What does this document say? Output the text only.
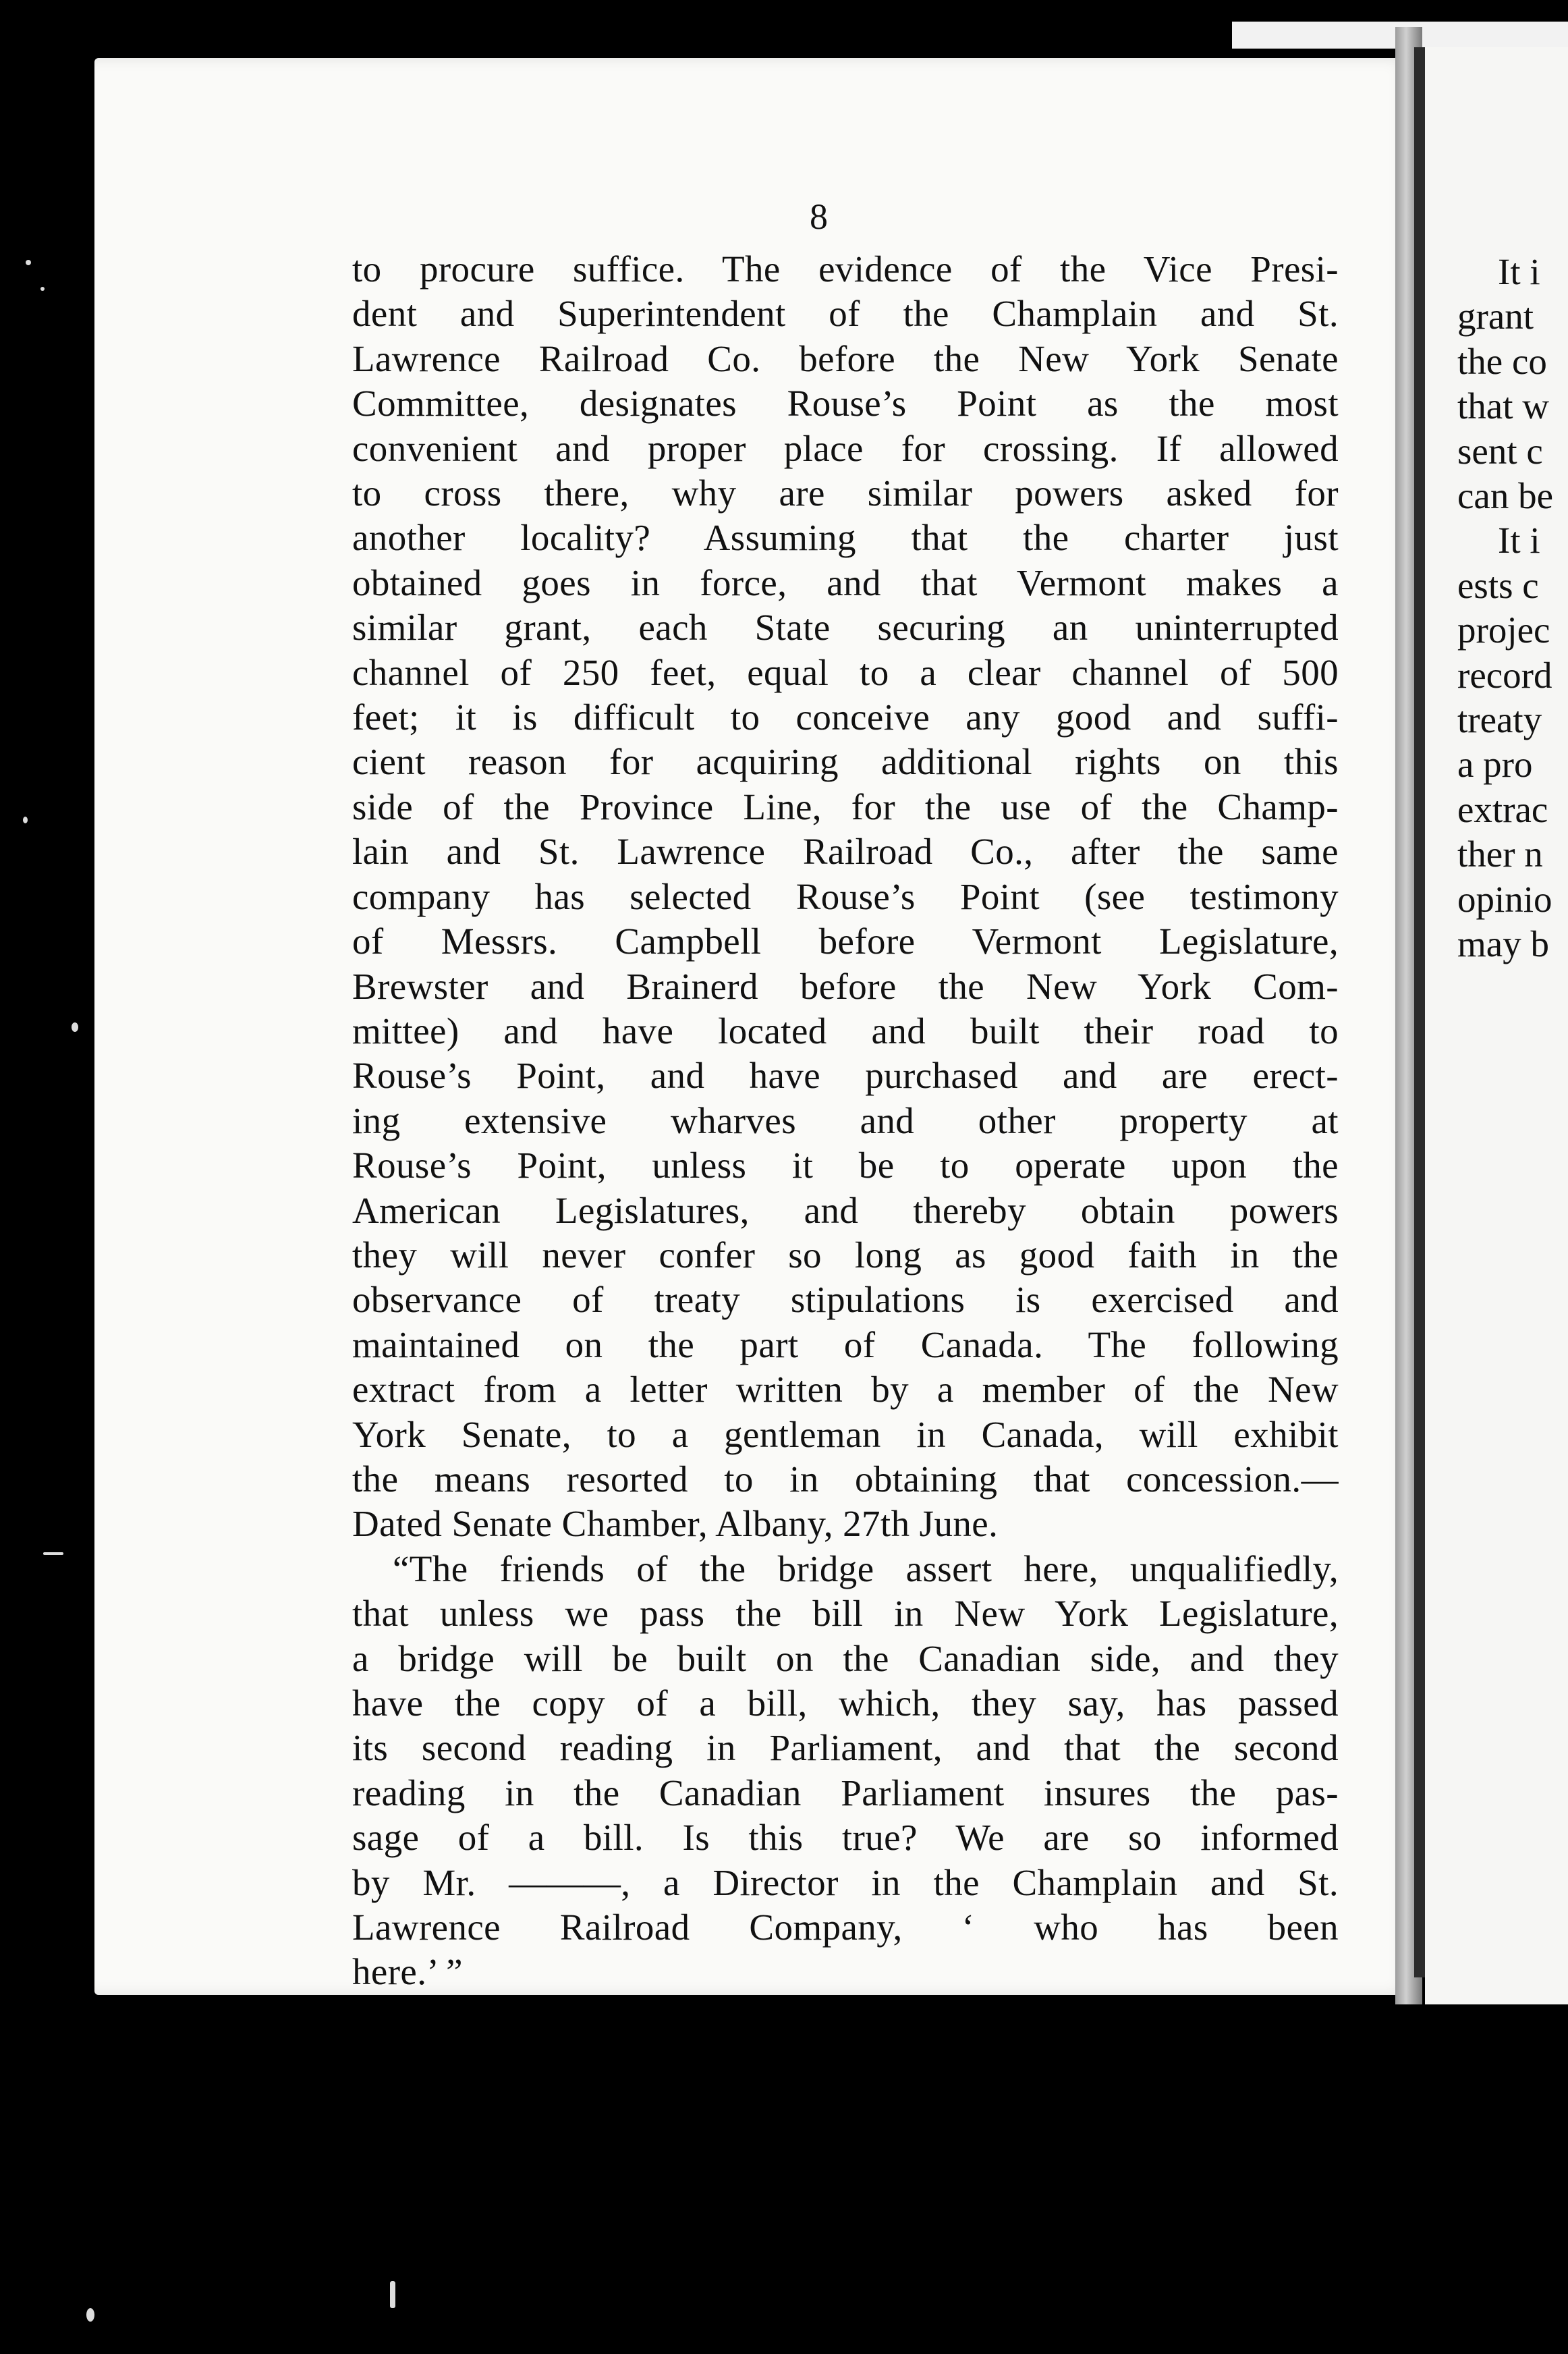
8
to procure suffice. The evidence of the Vice Presi-
dent and Superintendent of the Champlain and St.
Lawrence Railroad Co. before the New York Senate
Committee, designates Rouse’s Point as the most
convenient and proper place for crossing. If allowed
to cross there, why are similar powers asked for
another locality? Assuming that the charter just
obtained goes in force, and that Vermont makes a
similar grant, each State securing an uninterrupted
channel of 250 feet, equal to a clear channel of 500
feet; it is difficult to conceive any good and suffi-
cient reason for acquiring additional rights on this
side of the Province Line, for the use of the Champ-
lain and St. Lawrence Railroad Co., after the same
company has selected Rouse’s Point (see testimony
of Messrs. Campbell before Vermont Legislature,
Brewster and Brainerd before the New York Com-
mittee) and have located and built their road to
Rouse’s Point, and have purchased and are erect-
ing extensive wharves and other property at
Rouse’s Point, unless it be to operate upon the
American Legislatures, and thereby obtain powers
they will never confer so long as good faith in the
observance of treaty stipulations is exercised and
maintained on the part of Canada. The following
extract from a letter written by a member of the New
York Senate, to a gentleman in Canada, will exhibit
the means resorted to in obtaining that concession.—
Dated Senate Chamber, Albany, 27th June.
“The friends of the bridge assert here, unqualifiedly,
that unless we pass the bill in New York Legislature,
a bridge will be built on the Canadian side, and they
have the copy of a bill, which, they say, has passed
its second reading in Parliament, and that the second
reading in the Canadian Parliament insures the pas-
sage of a bill. Is this true? We are so informed
by Mr. ———, a Director in the Champlain and St.
Lawrence Railroad Company, ‘ who has been
here.’ ”
It i
grant
the co
that w
sent c
can be
It i
ests c
projec
record
treaty
a pro
extrac
ther n
opinio
may b
